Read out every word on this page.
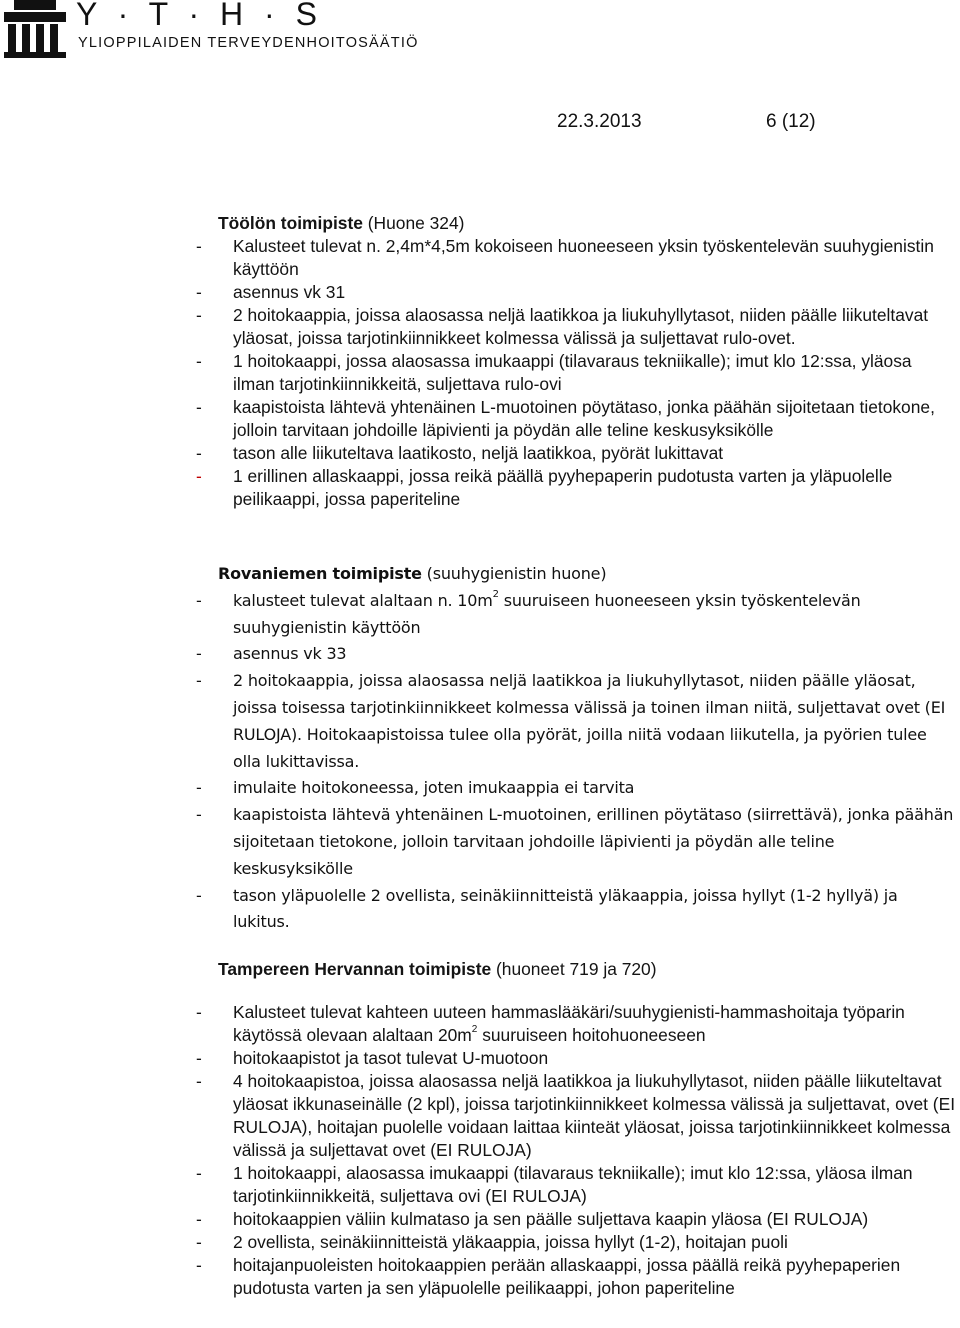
Y · T · H · S
YLIOPPILAIDEN TERVEYDENHOITOSÄÄTIÖ
22.3.2013	6 (12)
Töölön toimipiste (Huone 324)
- Kalusteet tulevat n. 2,4m*4,5m kokoiseen huoneeseen yksin työskentelevän suuhygienistin käyttöön
- asennus vk 31
- 2 hoitokaappia, joissa alaosassa neljä laatikkoa ja liukuhyllytasot, niiden päälle liikuteltavat yläosat, joissa tarjotinkiinnikkeet kolmessa välissä ja suljettavat rulo-ovet.
- 1 hoitokaappi, jossa alaosassa imukaappi (tilavaraus tekniikalle); imut klo 12:ssa, yläosa ilman tarjotinkiinnikkeitä, suljettava rulo-ovi
- kaapistoista lähtevä yhtenäinen L-muotoinen pöytätaso, jonka päähän sijoitetaan tietokone, jolloin tarvitaan johdoille läpivienti ja pöydän alle teline keskusyksikölle
- tason alle liikuteltava laatikosto, neljä laatikkoa, pyörät lukittavat
- 1 erillinen allaskaappi, jossa reikä päällä pyyhepaperin pudotusta varten ja yläpuolelle peilikaappi, jossa paperiteline
Rovaniemen toimipiste (suuhygienistin huone)
- kalusteet tulevat alaltaan n. $10m^2$ suuruiseen huoneeseen yksin työskentelevän suuhygienistin käyttöön
- asennus vk 33
- 2 hoitokaappia, joissa alaosassa neljä laatikkoa ja liukuhyllytasot, niiden päälle yläosat, joissa toisessa tarjotinkiinnikkeet kolmessa välissä ja toinen ilman niitä, suljettavat ovet (EI RULOJA). Hoitokaapistoissa tulee olla pyörät, joilla niitä vodaan liikutella, ja pyörien tulee olla lukittavissa.
- imulaite hoitokoneessa, joten imukaappia ei tarvita
- kaapistoista lähtevä yhtenäinen L-muotoinen, erillinen pöytätaso (siirrettävä), jonka päähän sijoitetaan tietokone, jolloin tarvitaan johdoille läpivienti ja pöydän alle teline keskusyksikölle
- tason yläpuolelle 2 ovellista, seinäkiinnitteistä yläkaappia, joissa hyllyt (1-2 hyllyä) ja lukitus.
Tampereen Hervannan toimipiste (huoneet 719 ja 720)
- Kalusteet tulevat kahteen uuteen hammaslääkäri/suuhygienisti-hammashoitaja työparin käytössä olevaan alaltaan $20m^2$ suuruiseen hoitohuoneeseen
- hoitokaapistot ja tasot tulevat U-muotoon
- 4 hoitokaapistoa, joissa alaosassa neljä laatikkoa ja liukuhyllytasot, niiden päälle liikuteltavat yläosat ikkunaseinälle (2 kpl), joissa tarjotinkiinnikkeet kolmessa välissä ja suljettavat, ovet (EI RULOJA), hoitajan puolelle voidaan laittaa kiinteät yläosat, joissa tarjotinkiinnikkeet kolmessa välissä ja suljettavat ovet (EI RULOJA)
- 1 hoitokaappi, alaosassa imukaappi (tilavaraus tekniikalle); imut klo 12:ssa, yläosa ilman tarjotinkiinnikkeitä, suljettava ovi (EI RULOJA)
- hoitokaappien väliin kulmataso ja sen päälle suljettava kaapin yläosa (EI RULOJA)
- 2 ovellista, seinäkiinnitteistä yläkaappia, joissa hyllyt (1-2), hoitajan puoli
- hoitajanpuoleisten hoitokaappien perään allaskaappi, jossa päällä reikä pyyhepaperien pudotusta varten ja sen yläpuolelle peilikaappi, johon paperiteline
